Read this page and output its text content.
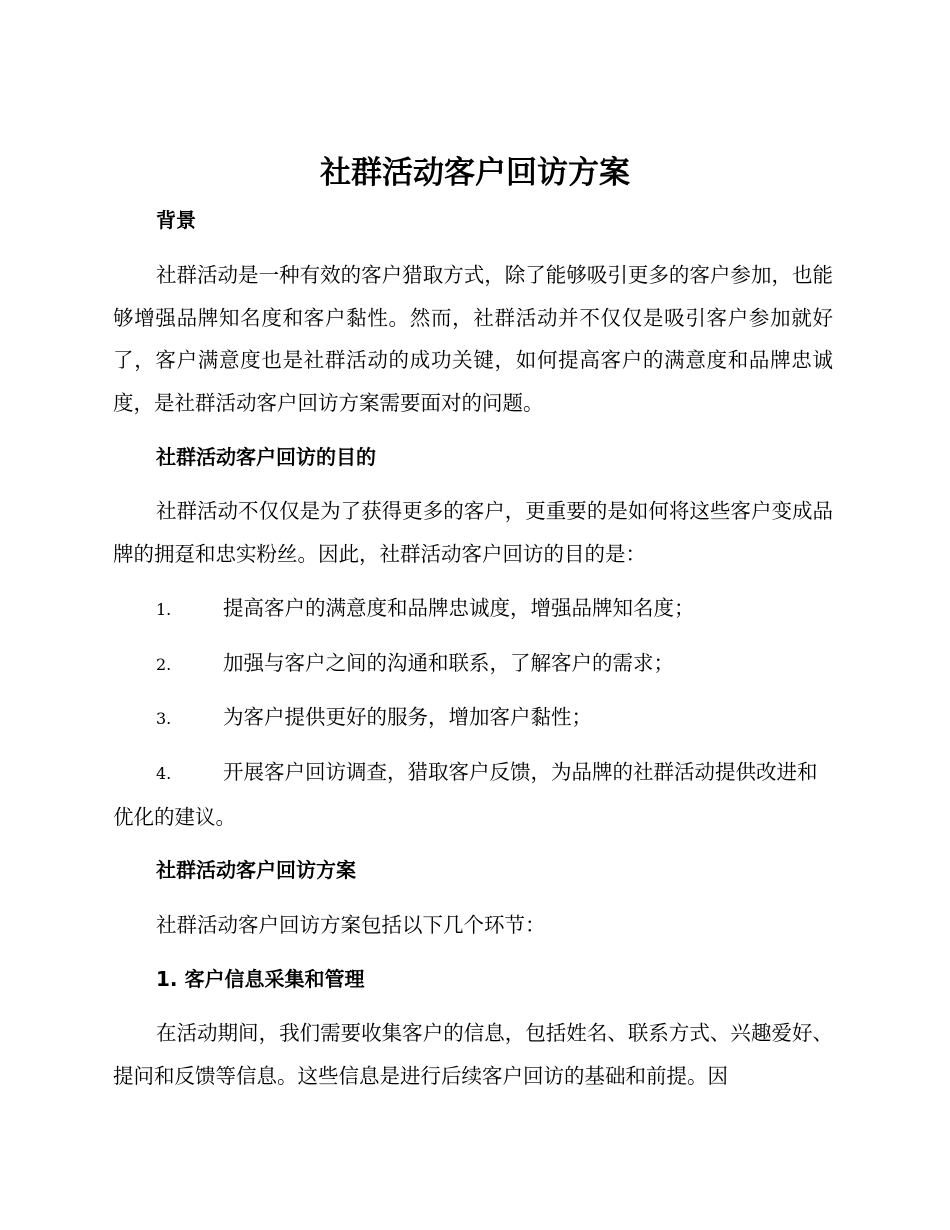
社群活动客户回访方案
背景

社群活动是一种有效的客户猎取方式，除了能够吸引更多的客户参加，也能够增强品牌知名度和客户黏性。然而，社群活动并不仅仅是吸引客户参加就好了，客户满意度也是社群活动的成功关键，如何提高客户的满意度和品牌忠诚度，是社群活动客户回访方案需要面对的问题。

社群活动客户回访的目的

社群活动不仅仅是为了获得更多的客户，更重要的是如何将这些客户变成品牌的拥趸和忠实粉丝。因此，社群活动客户回访的目的是：

1.	提高客户的满意度和品牌忠诚度，增强品牌知名度；
2.	加强与客户之间的沟通和联系，了解客户的需求；
3.	为客户提供更好的服务，增加客户黏性；
4.	开展客户回访调查，猎取客户反馈，为品牌的社群活动提供改进和优化的建议。
社群活动客户回访方案

社群活动客户回访方案包括以下几个环节：

1. 客户信息采集和管理

在活动期间，我们需要收集客户的信息，包括姓名、联系方式、兴趣爱好、提问和反馈等信息。这些信息是进行后续客户回访的基础和前提。因
